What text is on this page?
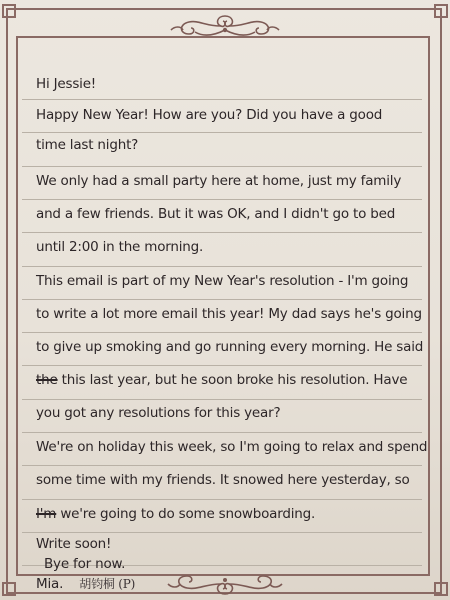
Hi Jessie!
Happy New Year! How are you? Did you have a good
time last night?
We only had a small party here at home, just my family
and a few friends. But it was OK, and I didn't go to bed
until 2:00 in the morning.
This email is part of my New Year's resolution - I'm going
to write a lot more email this year! My dad says he's going
to give up smoking and go running every morning. He said
the this last year, but he soon broke his resolution. Have
you got any resolutions for this year?
We're on holiday this week, so I'm going to relax and spend
some time with my friends. It snowed here yesterday, so
I'm we're going to do some snowboarding.
Write soon!
Bye for now.
Mia. 胡钧桐 (P)
